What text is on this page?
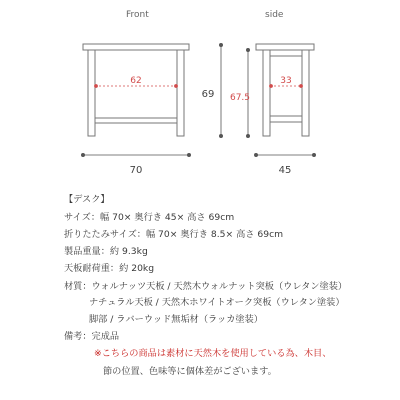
Front	side
62
69
70
67.5
33
45
【デスク】
サイズ：幅 70× 奥行き 45× 高さ 69cm
折りたたみサイズ：幅 70× 奥行き 8.5× 高さ 69cm
製品重量：約 9.3kg
天板耐荷重：約 20kg
材質：ウォルナッツ天板 / 天然木ウォルナット突板（ウレタン塗装）
ナチュラル天板 / 天然木ホワイトオーク突板（ウレタン塗装）
脚部 / ラバーウッド無垢材（ラッカ塗装）
備考：完成品
※こちらの商品は素材に天然木を使用している為、木目、
節の位置、色味等に個体差がございます。
